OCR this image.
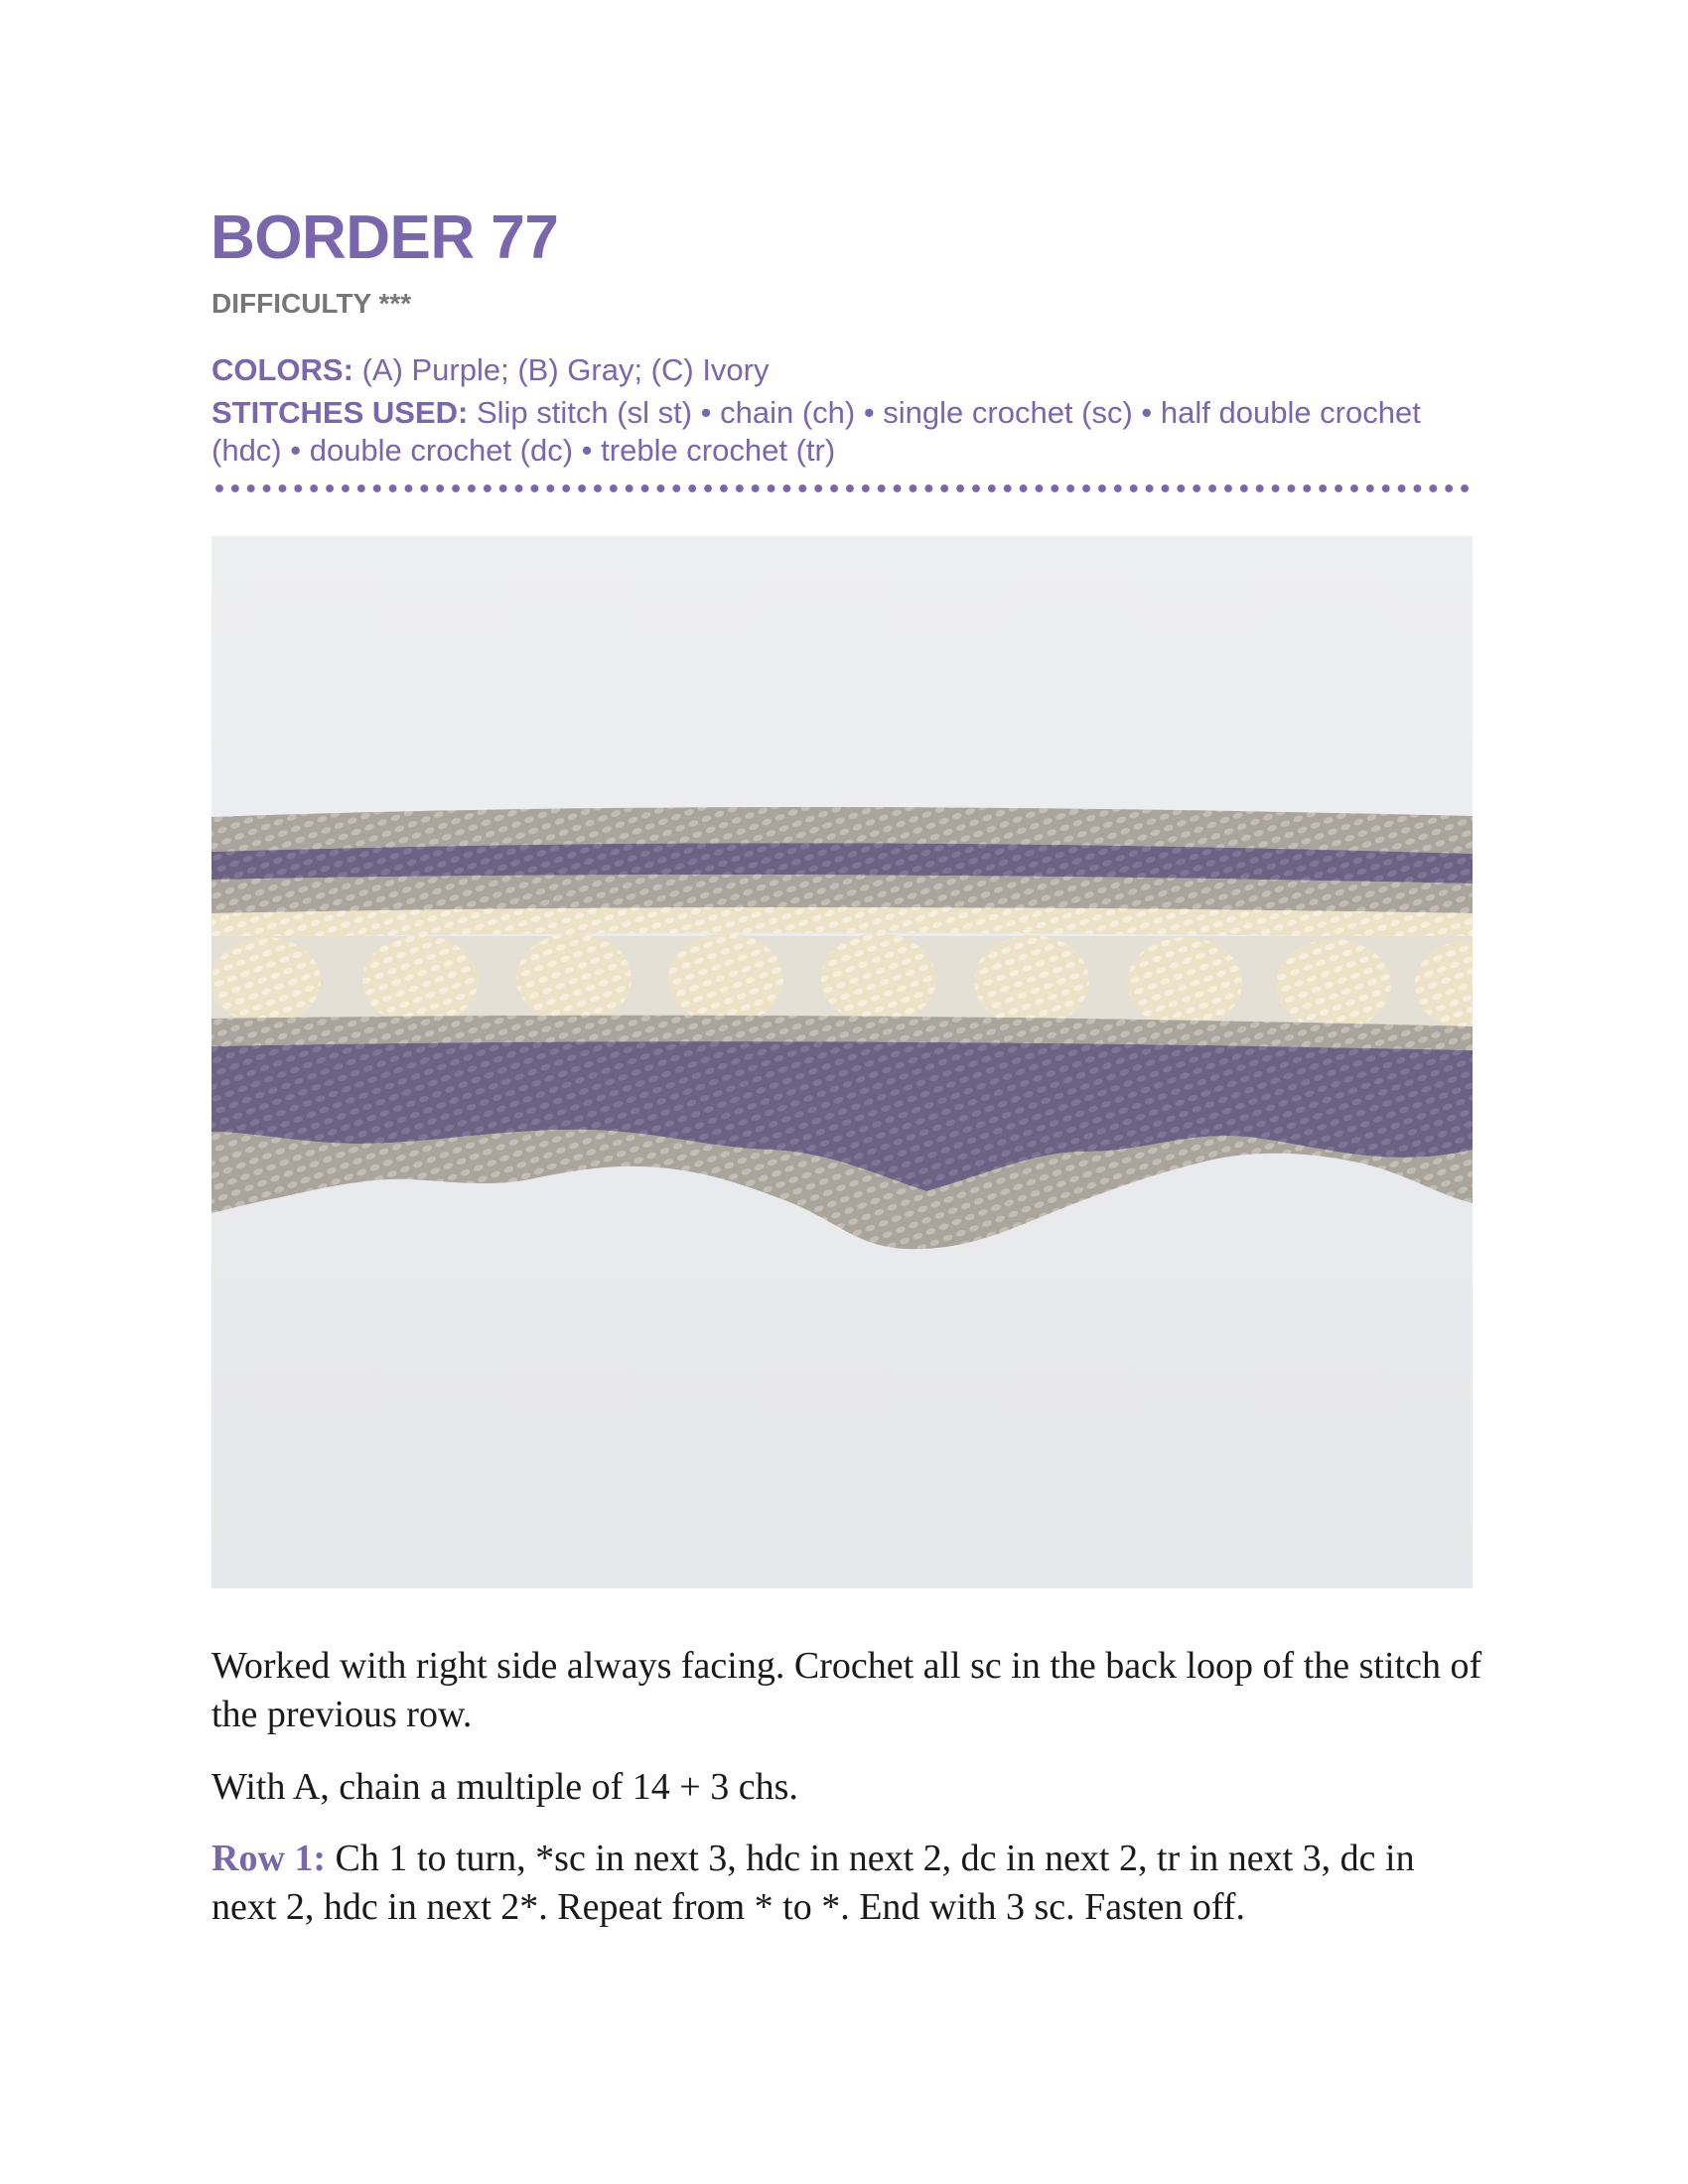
BORDER 77
DIFFICULTY ***
COLORS: (A) Purple; (B) Gray; (C) Ivory
STITCHES USED: Slip stitch (sl st) • chain (ch) • single crochet (sc) • half double crochet (hdc) • double crochet (dc) • treble crochet (tr)
Worked with right side always facing. Crochet all sc in the back loop of the stitch of the previous row.
With A, chain a multiple of 14 + 3 chs.
Row 1: Ch 1 to turn, *sc in next 3, hdc in next 2, dc in next 2, tr in next 3, dc in next 2, hdc in next 2*. Repeat from * to *. End with 3 sc. Fasten off.
